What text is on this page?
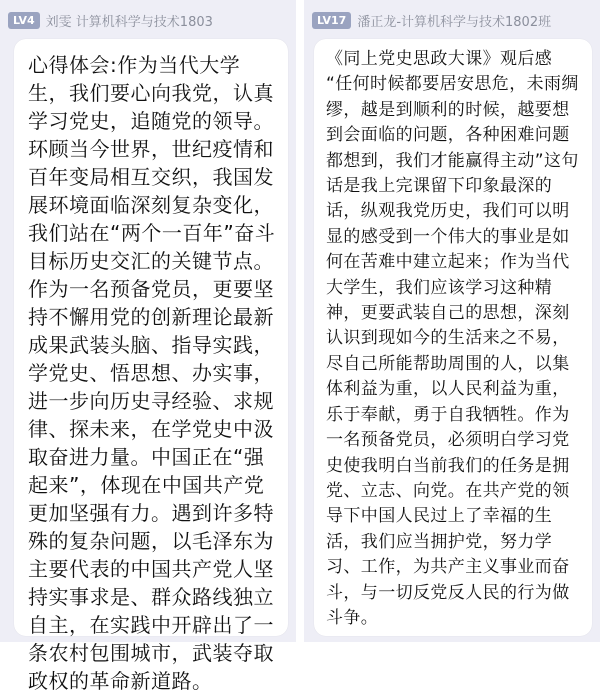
LV4 刘雯 计算机科学与技术1803
心得体会:作为当代大学生，我们要心向我党，认真学习党史，追随党的领导。环顾当今世界，世纪疫情和百年变局相互交织，我国发展环境面临深刻复杂变化，我们站在“两个一百年”奋斗目标历史交汇的关键节点。作为一名预备党员，更要坚持不懈用党的创新理论最新成果武装头脑、指导实践，学党史、悟思想、办实事，进一步向历史寻经验、求规律、探未来，在学党史中汲取奋进力量。中国正在“强起来”，体现在中国共产党更加坚强有力。遇到许多特殊的复杂问题，以毛泽东为主要代表的中国共产党人坚持实事求是、群众路线独立自主，在实践中开辟出了一条农村包围城市，武装夺取政权的革命新道路。
LV17 潘正龙-计算机科学与技术1802班
《同上党史思政大课》观后感
“任何时候都要居安思危，未雨绸缪，越是到顺利的时候，越要想到会面临的问题，各种困难问题都想到，我们才能赢得主动”这句话是我上完课留下印象最深的话，纵观我党历史，我们可以明显的感受到一个伟大的事业是如何在苦难中建立起来；作为当代大学生，我们应该学习这种精神，更要武装自己的思想，深刻认识到现如今的生活来之不易，尽自己所能帮助周围的人，以集体利益为重，以人民利益为重，乐于奉献，勇于自我牺牲。作为一名预备党员，必须明白学习党史使我明白当前我们的任务是拥党、立志、向党。在共产党的领导下中国人民过上了幸福的生活，我们应当拥护党，努力学习、工作，为共产主义事业而奋斗，与一切反党反人民的行为做斗争。
